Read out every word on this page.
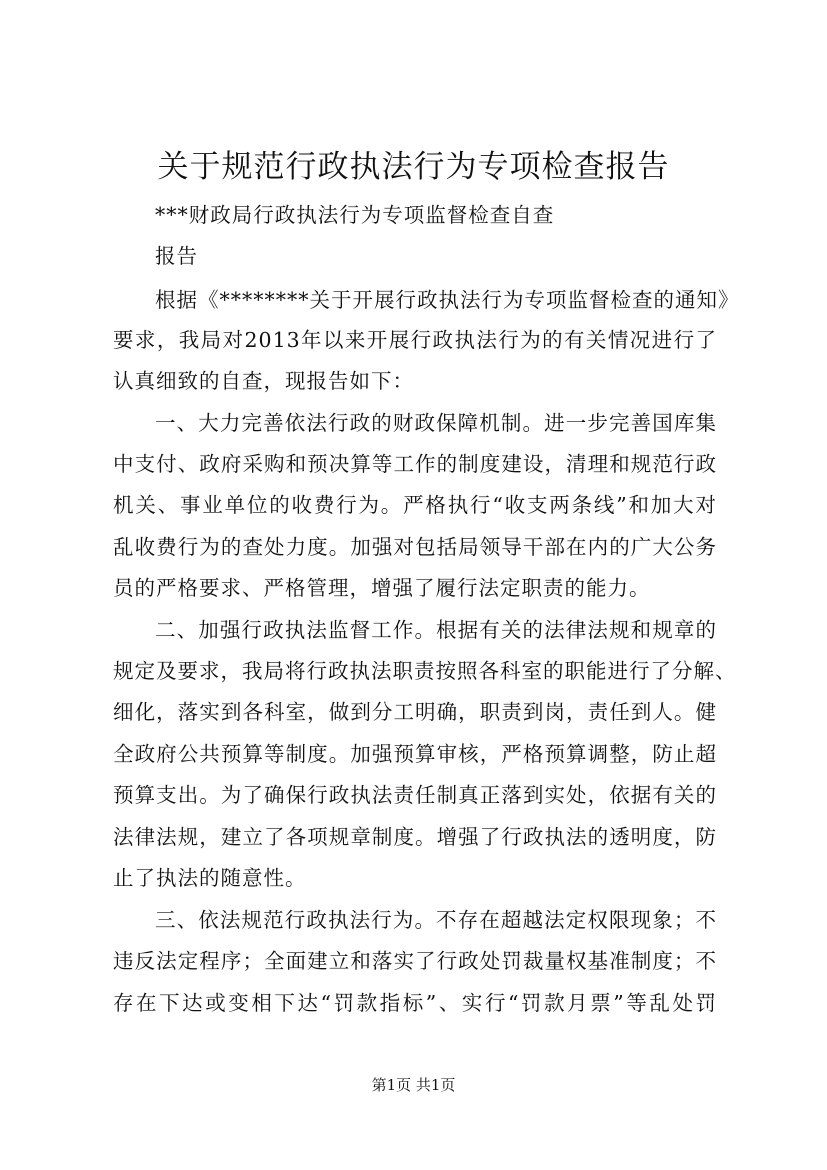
关于规范行政执法行为专项检查报告
***财政局行政执法行为专项监督检查自查
报告
根据《********关于开展行政执法行为专项监督检查的通知》
要求，我局对2013年以来开展行政执法行为的有关情况进行了
认真细致的自查，现报告如下：
一、大力完善依法行政的财政保障机制。进一步完善国库集
中支付、政府采购和预决算等工作的制度建设，清理和规范行政
机关、事业单位的收费行为。严格执行“收支两条线”和加大对
乱收费行为的查处力度。加强对包括局领导干部在内的广大公务
员的严格要求、严格管理，增强了履行法定职责的能力。
二、加强行政执法监督工作。根据有关的法律法规和规章的
规定及要求，我局将行政执法职责按照各科室的职能进行了分解、
细化，落实到各科室，做到分工明确，职责到岗，责任到人。健
全政府公共预算等制度。加强预算审核，严格预算调整，防止超
预算支出。为了确保行政执法责任制真正落到实处，依据有关的
法律法规，建立了各项规章制度。增强了行政执法的透明度，防
止了执法的随意性。
三、依法规范行政执法行为。不存在超越法定权限现象；不
违反法定程序；全面建立和落实了行政处罚裁量权基准制度；不
存在下达或变相下达“罚款指标”、实行“罚款月票”等乱处罚
第1页 共1页
